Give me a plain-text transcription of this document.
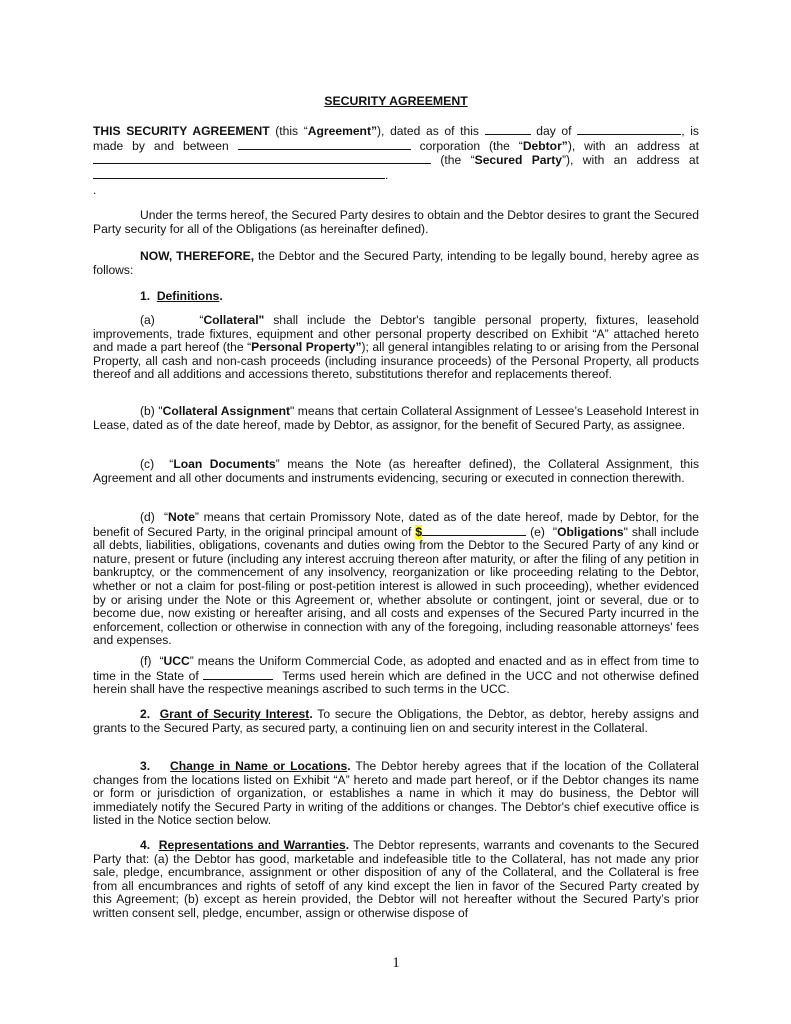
SECURITY AGREEMENT

THIS SECURITY AGREEMENT (this “Agreement”), dated as of this	day of	, is made by and between	corporation (the “Debtor”), with an address at  (the “Secured Party”), with an address at .

.

Under the terms hereof, the Secured Party desires to obtain and the Debtor desires to grant the Secured Party security for all of the Obligations (as hereinafter defined).

NOW, THEREFORE, the Debtor and the Secured Party, intending to be legally bound, hereby agree as follows:

1. Definitions.

(a)	“Collateral" shall include the Debtor's tangible personal property, fixtures, leasehold improvements, trade fixtures, equipment and other personal property described on Exhibit “A” attached hereto and made a part hereof (the “Personal Property”); all general intangibles relating to or arising from the Personal Property, all cash and non-cash proceeds (including insurance proceeds) of the Personal Property, all products thereof and all additions and accessions thereto, substitutions therefor and replacements thereof.

(b) "Collateral Assignment" means that certain Collateral Assignment of Lessee’s Leasehold Interest in Lease, dated as of the date hereof, made by Debtor, as assignor, for the benefit of Secured Party, as assignee.

(c) “Loan Documents” means the Note (as hereafter defined), the Collateral Assignment, this Agreement and all other documents and instruments evidencing, securing or executed in connection therewith.

(d) “Note” means that certain Promissory Note, dated as of the date hereof, made by Debtor, for the benefit of Secured Party, in the original principal amount of $	(e) "Obligations" shall include all debts, liabilities, obligations, covenants and duties owing from the Debtor to the Secured Party of any kind or nature, present or future (including any interest accruing thereon after maturity, or after the filing of any petition in bankruptcy, or the commencement of any insolvency, reorganization or like proceeding relating to the Debtor, whether or not a claim for post-filing or post-petition interest is allowed in such proceeding), whether evidenced by or arising under the Note or this Agreement or, whether absolute or contingent, joint or several, due or to become due, now existing or hereafter arising, and all costs and expenses of the Secured Party incurred in the enforcement, collection or otherwise in connection with any of the foregoing, including reasonable attorneys' fees and expenses.

(f) “UCC” means the Uniform Commercial Code, as adopted and enacted and as in effect from time to time in the State of	Terms used herein which are defined in the UCC and not otherwise defined herein shall have the respective meanings ascribed to such terms in the UCC.

2. Grant of Security Interest. To secure the Obligations, the Debtor, as debtor, hereby assigns and grants to the Secured Party, as secured party, a continuing lien on and security interest in the Collateral.

3. Change in Name or Locations. The Debtor hereby agrees that if the location of the Collateral changes from the locations listed on Exhibit “A” hereto and made part hereof, or if the Debtor changes its name or form or jurisdiction of organization, or establishes a name in which it may do business, the Debtor will immediately notify the Secured Party in writing of the additions or changes. The Debtor's chief executive office is listed in the Notice section below.

4. Representations and Warranties. The Debtor represents, warrants and covenants to the Secured Party that: (a) the Debtor has good, marketable and indefeasible title to the Collateral, has not made any prior sale, pledge, encumbrance, assignment or other disposition of any of the Collateral, and the Collateral is free from all encumbrances and rights of setoff of any kind except the lien in favor of the Secured Party created by this Agreement; (b) except as herein provided, the Debtor will not hereafter without the Secured Party’s prior written consent sell, pledge, encumber, assign or otherwise dispose of

1
